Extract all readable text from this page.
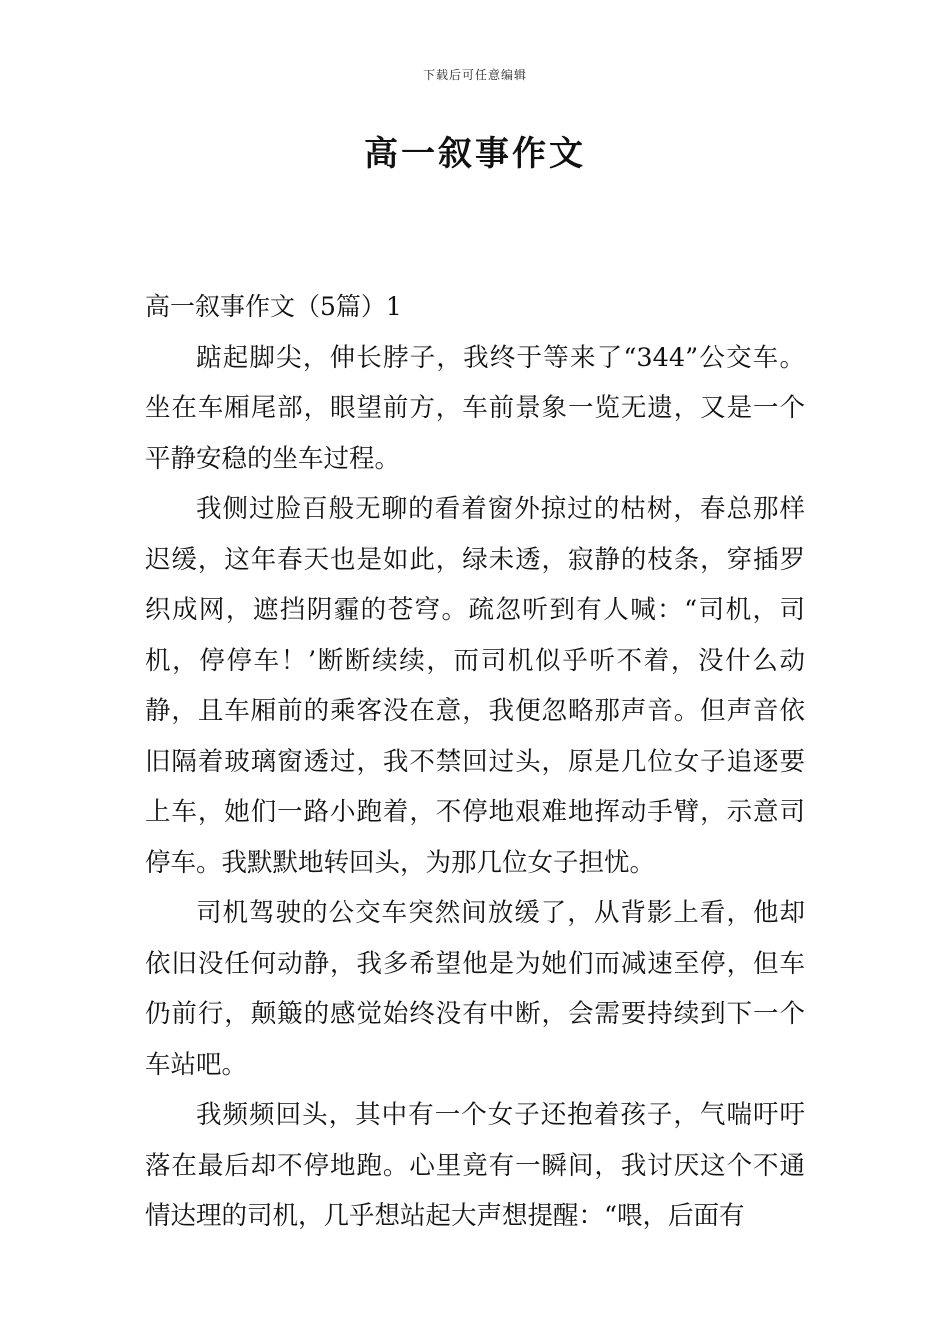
下载后可任意编辑
高一叙事作文

高一叙事作文（5篇）1

踮起脚尖，伸长脖子，我终于等来了“344”公交车。坐在车厢尾部，眼望前方，车前景象一览无遗，又是一个平静安稳的坐车过程。

我侧过脸百般无聊的看着窗外掠过的枯树，春总那样迟缓，这年春天也是如此，绿未透，寂静的枝条，穿插罗织成网，遮挡阴霾的苍穹。疏忽听到有人喊：“司机，司机，停停车！’断断续续，而司机似乎听不着，没什么动静，且车厢前的乘客没在意，我便忽略那声音。但声音依旧隔着玻璃窗透过，我不禁回过头，原是几位女子追逐要上车，她们一路小跑着，不停地艰难地挥动手臂，示意司停车。我默默地转回头，为那几位女子担忧。

司机驾驶的公交车突然间放缓了，从背影上看，他却依旧没任何动静，我多希望他是为她们而减速至停，但车仍前行，颠簸的感觉始终没有中断，会需要持续到下一个车站吧。

我频频回头，其中有一个女子还抱着孩子，气喘吁吁落在最后却不停地跑。心里竟有一瞬间，我讨厌这个不通情达理的司机，几乎想站起大声想提醒：“喂，后面有
